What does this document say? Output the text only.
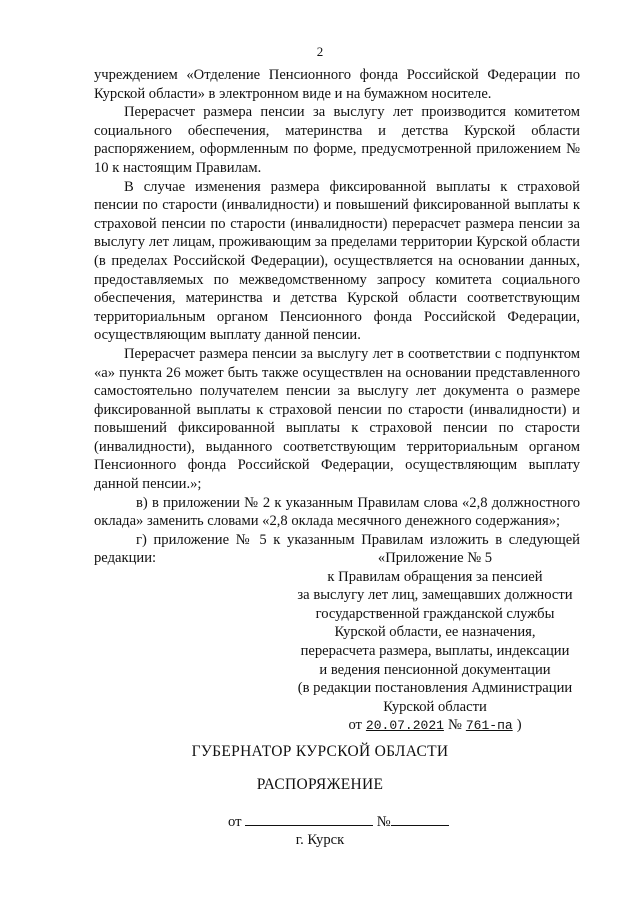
2

учреждением «Отделение Пенсионного фонда Российской Федерации по Курской области» в электронном виде и на бумажном носителе.

Перерасчет размера пенсии за выслугу лет производится комитетом социального обеспечения, материнства и детства Курской области распоряжением, оформленным по форме, предусмотренной приложением № 10 к настоящим Правилам.

В случае изменения размера фиксированной выплаты к страховой пенсии по старости (инвалидности) и повышений фиксированной выплаты к страховой пенсии по старости (инвалидности) перерасчет размера пенсии за выслугу лет лицам, проживающим за пределами территории Курской области (в пределах Российской Федерации), осуществляется на основании данных, предоставляемых по межведомственному запросу комитета социального обеспечения, материнства и детства Курской области соответствующим территориальным органом Пенсионного фонда Российской Федерации, осуществляющим выплату данной пенсии.

Перерасчет размера пенсии за выслугу лет в соответствии с подпунктом «а» пункта 26 может быть также осуществлен на основании представленного самостоятельно получателем пенсии за выслугу лет документа о размере фиксированной выплаты к страховой пенсии по старости (инвалидности) и повышений фиксированной выплаты к страховой пенсии по старости (инвалидности), выданного соответствующим территориальным органом Пенсионного фонда Российской Федерации, осуществляющим выплату данной пенсии.»;

в) в приложении № 2 к указанным Правилам слова «2,8 должностного оклада» заменить словами «2,8 оклада месячного денежного содержания»;

г) приложение № 5 к указанным Правилам изложить в следующей редакции:	«Приложение № 5
к Правилам обращения за пенсией
за выслугу лет лиц, замещавших должности
государственной гражданской службы
Курской области, ее назначения,
перерасчета размера, выплаты, индексации
и ведения пенсионной документации
(в редакции постановления Администрации
Курской области
от 20.07.2021 № 761-па )
ГУБЕРНАТОР КУРСКОЙ ОБЛАСТИ
РАСПОРЯЖЕНИЕ
от	№
г. Курск
